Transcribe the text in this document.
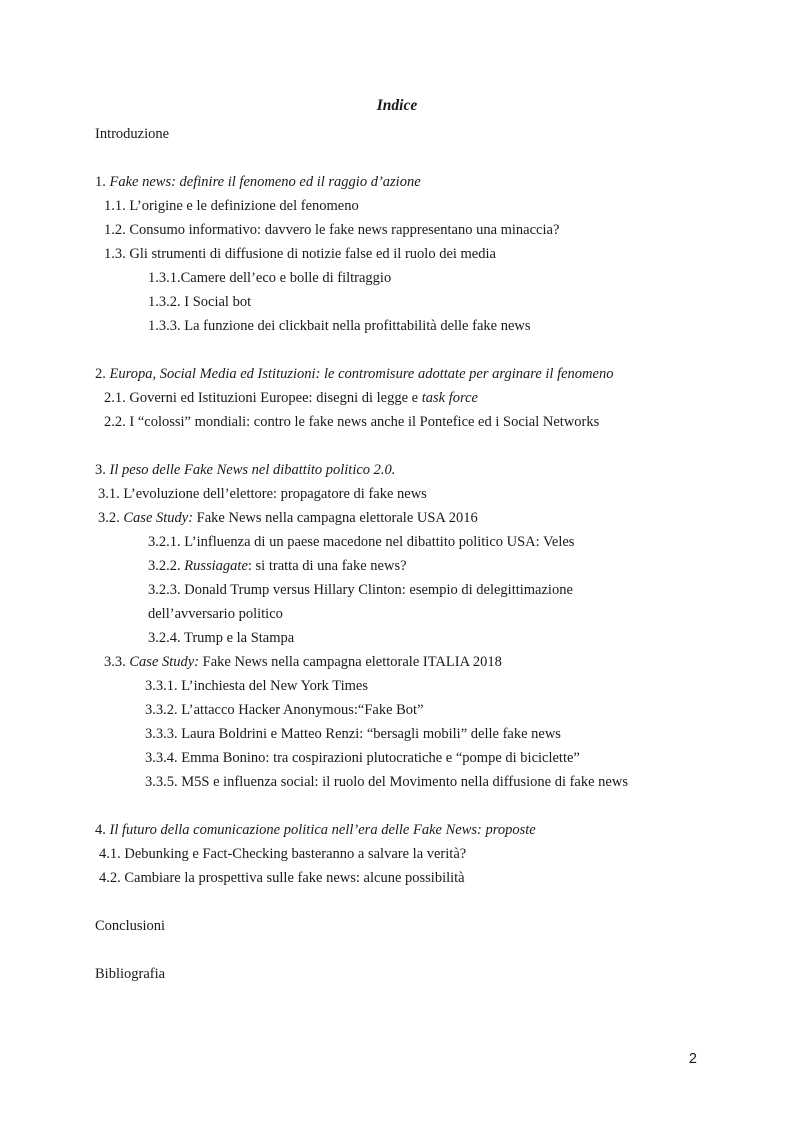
Indice
Introduzione
1. Fake news: definire il fenomeno ed il raggio d’azione
1.1. L’origine e le definizione del fenomeno
1.2. Consumo informativo: davvero le fake news rappresentano una minaccia?
1.3. Gli strumenti di diffusione di notizie false ed il ruolo dei media
1.3.1.Camere dell’eco e bolle di filtraggio
1.3.2. I Social bot
1.3.3. La funzione dei clickbait nella profittabilità delle fake news
2. Europa, Social Media ed Istituzioni: le contromisure adottate per arginare il fenomeno
2.1. Governi ed Istituzioni Europee: disegni di legge e task force
2.2. I “colossi” mondiali: contro le fake news anche il Pontefice ed i Social Networks
3. Il peso delle Fake News nel dibattito politico 2.0.
3.1. L’evoluzione dell’elettore: propagatore di fake news
3.2. Case Study: Fake News nella campagna elettorale USA 2016
3.2.1. L’influenza di un paese macedone nel dibattito politico USA: Veles
3.2.2. Russiagate: si tratta di una fake news?
3.2.3. Donald Trump versus Hillary Clinton: esempio di delegittimazione
dell’avversario politico
3.2.4. Trump e la Stampa
3.3. Case Study: Fake News nella campagna elettorale ITALIA 2018
3.3.1. L’inchiesta del New York Times
3.3.2. L’attacco Hacker Anonymous:“Fake Bot”
3.3.3. Laura Boldrini e Matteo Renzi: “bersagli mobili” delle fake news
3.3.4. Emma Bonino: tra cospirazioni plutocratiche e “pompe di biciclette”
3.3.5. M5S e influenza social: il ruolo del Movimento nella diffusione di fake news
4. Il futuro della comunicazione politica nell’era delle Fake News: proposte
4.1. Debunking e Fact-Checking basteranno a salvare la verità?
4.2. Cambiare la prospettiva sulle fake news: alcune possibilità
Conclusioni
Bibliografia
2
